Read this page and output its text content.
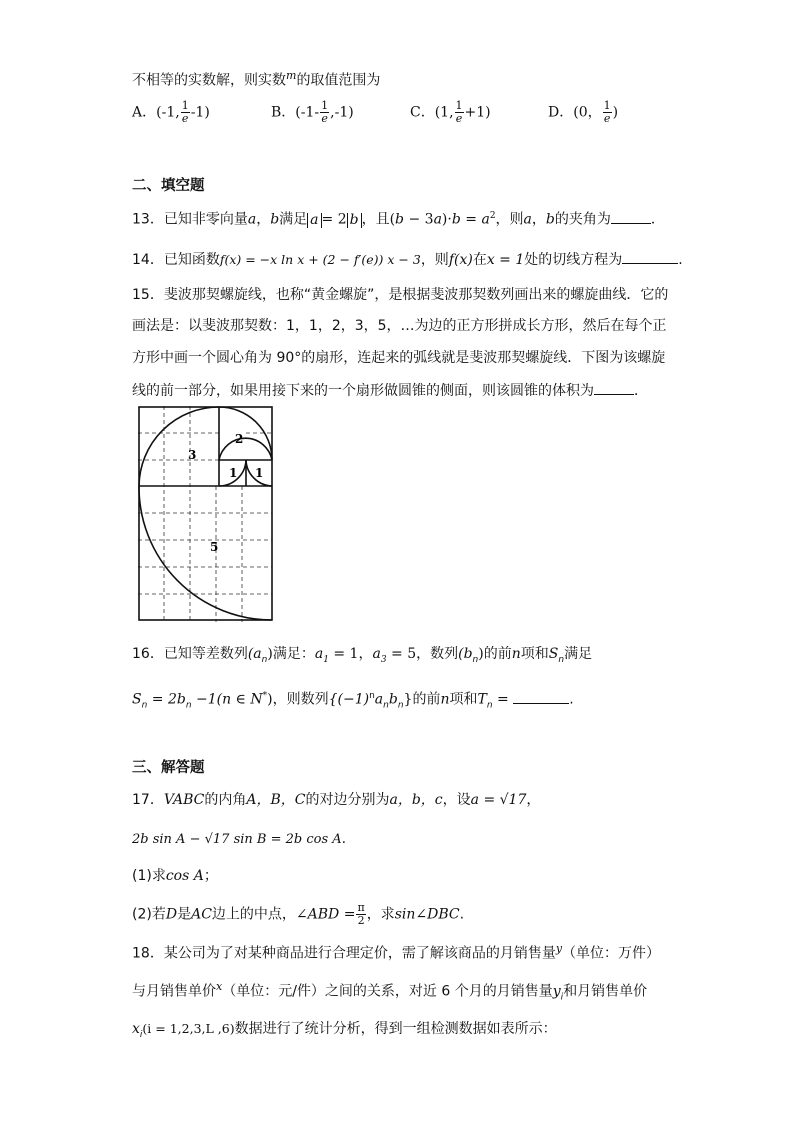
不相等的实数解，则实数$^m$的取值范围为
A．(-1, $\frac{1}{e} -1$)	B．$(-1- \frac{1}{e} ,-1)$	C．(1, $\frac{1}{e} +1$)	D．(0， $\frac{1}{e}$ )
二、填空题
13．已知非零向量a，b满足 a = 2 b ，且$(b - 3a)\cdot b = a^2$，则a，b的夹角为	．
14．已知函数f(x) = −x ln x + (2 − f′(e)) x − 3，则f(x)在x = 1处的切线方程为	.
15．斐波那契螺旋线，也称“黄金螺旋”，是根据斐波那契数列画出来的螺旋曲线．它的
画法是：以斐波那契数：1，1，2，3，5，…为边的正方形拼成长方形，然后在每个正
方形中画一个圆心角为 90°的扇形，连起来的弧线就是斐波那契螺旋线．下图为该螺旋
线的前一部分，如果用接下来的一个扇形做圆锥的侧面，则该圆锥的体积为	．
3
2
1 1
5
16．已知等差数列$(a_n)$满足：$a_1 = 1$，$a_3 = 5$，数列$(b_n)$的前n项和$S_n$满足
$S_n = 2b_n -1(n$ ∈ N*)，则数列$\{(-1)^na_nb_n\}$的前n项和$T_n$ =	.
三、解答题
17．VABC的内角A，B，C的对边分别为a，b，c，设a = √17，
2b sin A − √17 sin B = 2b cos A.
(1)求cos A；
(2)若D是AC边上的中点，∠ABD = $\frac{\pi}{2}$ ，求sin∠DBC.
18．某公司为了对某种商品进行合理定价，需了解该商品的月销售量$^y$（单位：万件）
与月销售单价$^x$（单位：元/件）之间的关系，对近 6 个月的月销售量$y_i$和月销售单价
$x_i(i = 1,2,3,L$ ,6)数据进行了统计分析，得到一组检测数据如表所示：
